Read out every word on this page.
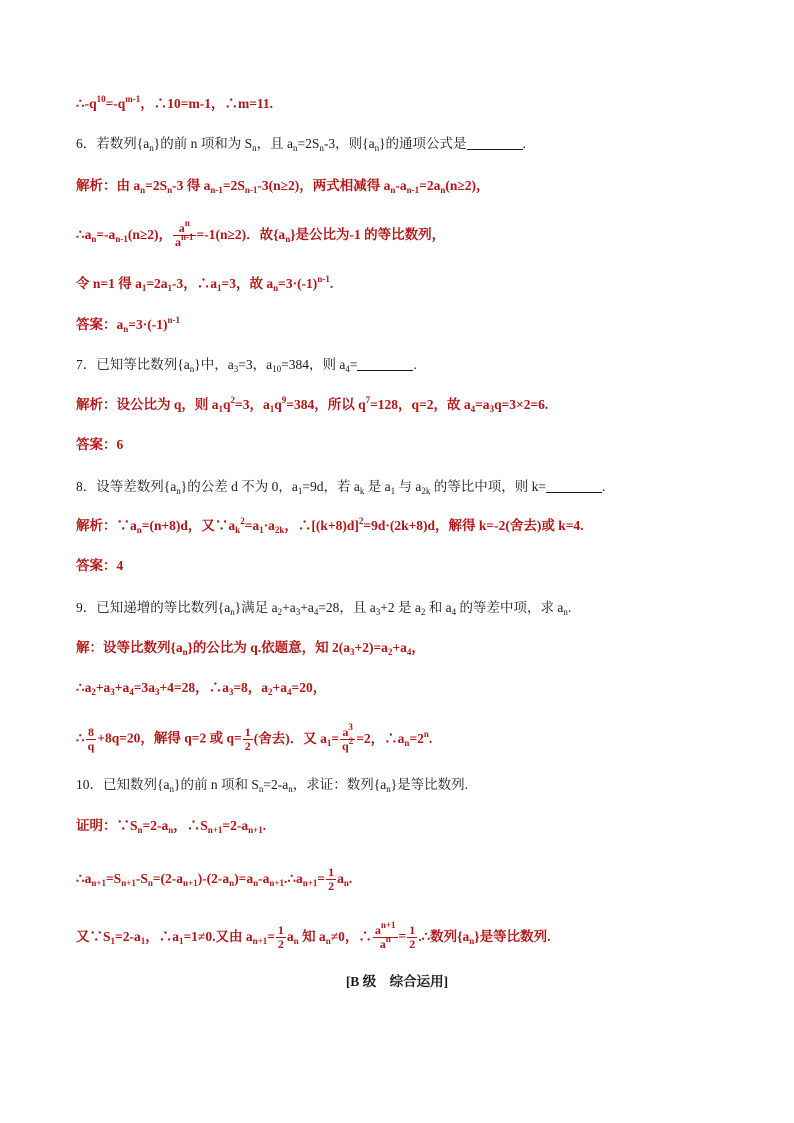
$\therefore-q^{10}=-q^{m-1}$，∴10=m-1，∴m=11.
6．若数列$\{a_n\}$的前 n 项和为 $S_n$，且 $a_n=2S_n-3$，则$\{a_n\}$的通项公式是	.
解析：由 $a_n=2S_n-3$ 得 $a_{n-1}=2S_{n-1}-3(n\ge 2)$，两式相减得 $a_n-a_{n-1}=2a_n(n\ge 2)$，
$\therefore a_n=-a_{n-1}(n\ge 2)$， $\frac{a^n}{a^{n-1}} =-1(n\ge 2)$．故$\{a_n\}$是公比为-1 的等比数列，
令 n=1 得 $a_1=2a_1-3$，$\therefore a_1=3$，故 $a_n=3\cdot(-1)^{n-1}$.
答案：$a_n=3\cdot(-1)^{n-1}$
7．已知等比数列$\{a_n\}$中，$a_3=3$，$a_{10}=384$，则 $a_4=$	.
解析：设公比为 q，则 $a_1q^2=3$，$a_1q^9=384$，所以 $q^7=128$，q=2，故 $a_4=a_3q=3\times 2=6$.
答案：6
8．设等差数列$\{a_n\}$的公差 d 不为 0，$a_1=9d$，若 $a_k$ 是 $a_1$ 与 $a_{2k}$ 的等比中项，则 k=	.
解析：$\because a_n=(n+8)d$，又$\because a_k^2=a_1\cdot a_{2k}$，$\therefore[(k+8)d]^2=9d\cdot(2k+8)d$，解得 k=-2(舍去)或 k=4.
答案：4
9．已知递增的等比数列$\{a_n\}$满足 $a_2+a_3+a_4=28$，且 $a_3+2$ 是 $a_2$ 和 $a_4$ 的等差中项，求 $a_n$.
解：设等比数列$\{a_n\}$的公比为 q.依题意，知 $2(a_3+2)=a_2+a_4$，
$\therefore a_2+a_3+a_4=3a_3+4=28$，$\therefore a_3=8$，$a_2+a_4=20$，
∴ $\frac{8}{q} +8q=20$，解得 q=2 或 $q= \frac{1}{2}$ (舍去)．又 $a_1= \frac{a^3}{q^2} =2$，$\therefore a_n=2^n$.
10．已知数列$\{a_n\}$的前 n 项和 $S_n=2-a_n$，求证：数列$\{a_n\}$是等比数列.
证明：$\because S_n=2-a_n$，$\therefore S_{n+1}=2-a_{n+1}$.
$\therefore a_{n+1}=S_{n+1}-S_n=(2-a_{n+1})-(2-a_n)=a_n-a_{n+1}.\therefore a_{n+1}= \frac{1}{2} a_n$.
又$\because S_1=2-a_1$，$\therefore a_1=1\ne 0$.又由 $a_{n+1}= \frac{1}{2} a_n$ 知 $a_n\ne 0$，∴ $\frac{a^{n+1}}{a^n} = \frac{1}{2}$ .∴数列$\{a_n\}$是等比数列.
[B 级　综合运用]
